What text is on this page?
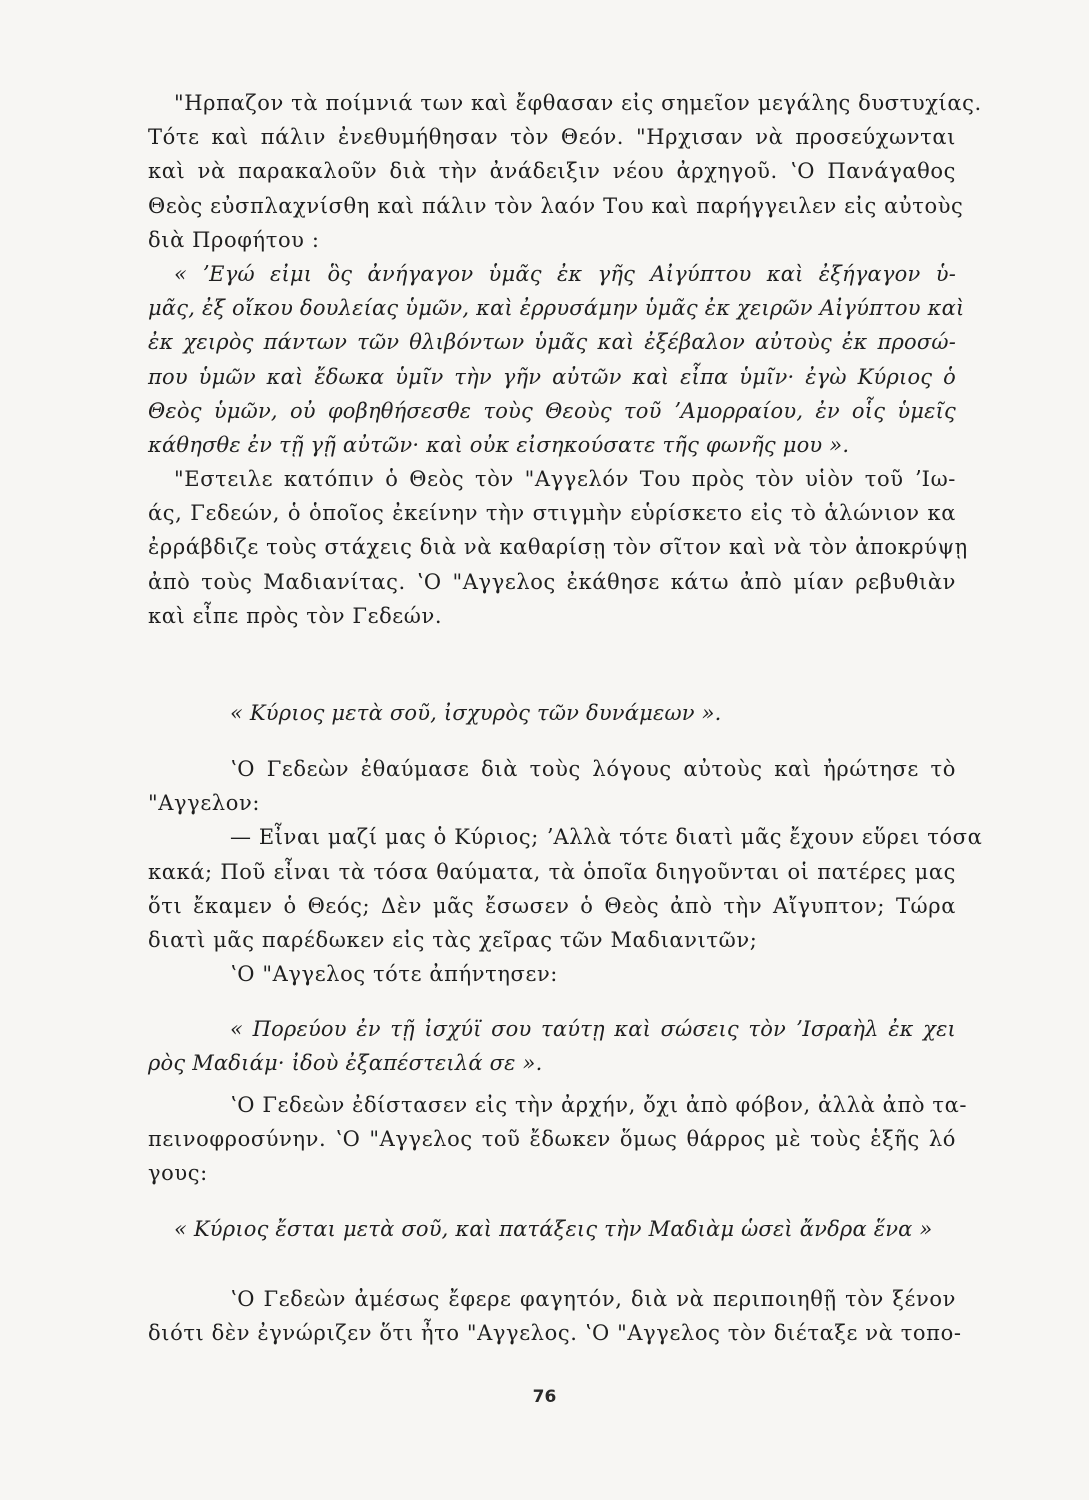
"Ηρπαζον τὰ ποίμνιά των καὶ ἔφθασαν εἰς σημεῖον μεγάλης δυστυχίας.
Τότε καὶ πάλιν ἐνεθυμήθησαν τὸν Θεόν. "Ηρχισαν νὰ προσεύχωνται
καὶ νὰ παρακαλοῦν διὰ τὴν ἀνάδειξιν νέου ἀρχηγοῦ. ʽΟ Πανάγαθος
Θεὸς εὐσπλαχνίσθη καὶ πάλιν τὸν λαόν Του καὶ παρήγγειλεν εἰς αὐτοὺς
διὰ Προφήτου :
« ʼΕγώ εἰμι ὃς ἀνήγαγον ὑμᾶς ἐκ γῆς Αἰγύπτου καὶ ἐξήγαγον ὑ-
μᾶς, ἐξ οἴκου δουλείας ὑμῶν, καὶ ἐρρυσάμην ὑμᾶς ἐκ χειρῶν Αἰγύπτου καὶ
ἐκ χειρὸς πάντων τῶν θλιβόντων ὑμᾶς καὶ ἐξέβαλον αὐτοὺς ἐκ προσώ-
που ὑμῶν καὶ ἔδωκα ὑμῖν τὴν γῆν αὐτῶν καὶ εἶπα ὑμῖν· ἐγὼ Κύριος ὁ
Θεὸς ὑμῶν, οὐ φοβηθήσεσθε τοὺς Θεοὺς τοῦ ʼΑμορραίου, ἐν οἷς ὑμεῖς
κάθησθε ἐν τῇ γῇ αὐτῶν· καὶ οὐκ εἰσηκούσατε τῆς φωνῆς μου ».
"Εστειλε κατόπιν ὁ Θεὸς τὸν "Αγγελόν Του πρὸς τὸν υἱὸν τοῦ ʼΙω-
άς, Γεδεών, ὁ ὁποῖος ἐκείνην τὴν στιγμὴν εὑρίσκετο εἰς τὸ ἁλώνιον κα
ἐρράβδιζε τοὺς στάχεις διὰ νὰ καθαρίσῃ τὸν σῖτον καὶ νὰ τὸν ἀποκρύψῃ
ἀπὸ τοὺς Μαδιανίτας. ʽΟ "Αγγελος ἐκάθησε κάτω ἀπὸ μίαν ρεβυθιὰν
καὶ εἶπε πρὸς τὸν Γεδεών.
« Κύριος μετὰ σοῦ, ἰσχυρὸς τῶν δυνάμεων ».
ʽΟ Γεδεὼν ἐθαύμασε διὰ τοὺς λόγους αὐτοὺς καὶ ἠρώτησε τὸ
"Αγγελον:
— Εἶναι μαζί μας ὁ Κύριος; ʼΑλλὰ τότε διατὶ μᾶς ἔχουν εὕρει τόσα
κακά; Ποῦ εἶναι τὰ τόσα θαύματα, τὰ ὁποῖα διηγοῦνται οἱ πατέρες μας
ὅτι ἔκαμεν ὁ Θεός; Δὲν μᾶς ἔσωσεν ὁ Θεὸς ἀπὸ τὴν Αἴγυπτον; Τώρα
διατὶ μᾶς παρέδωκεν εἰς τὰς χεῖρας τῶν Μαδιανιτῶν;
ʽΟ "Αγγελος τότε ἀπήντησεν:
« Πορεύου ἐν τῇ ἰσχύϊ σου ταύτῃ καὶ σώσεις τὸν ʼΙσραὴλ ἐκ χει
ρὸς Μαδιάμ· ἰδοὺ ἐξαπέστειλά σε ».
ʽΟ Γεδεὼν ἐδίστασεν εἰς τὴν ἀρχήν, ὄχι ἀπὸ φόβον, ἀλλὰ ἀπὸ τα-
πεινοφροσύνην. ʽΟ "Αγγελος τοῦ ἔδωκεν ὅμως θάρρος μὲ τοὺς ἑξῆς λό
γους:
« Κύριος ἔσται μετὰ σοῦ, καὶ πατάξεις τὴν Μαδιὰμ ὡσεὶ ἄνδρα ἕνα »
ʽΟ Γεδεὼν ἀμέσως ἔφερε φαγητόν, διὰ νὰ περιποιηθῇ τὸν ξένον
διότι δὲν ἐγνώριζεν ὅτι ἦτο "Αγγελος. ʽΟ "Αγγελος τὸν διέταξε νὰ τοπο-
76
